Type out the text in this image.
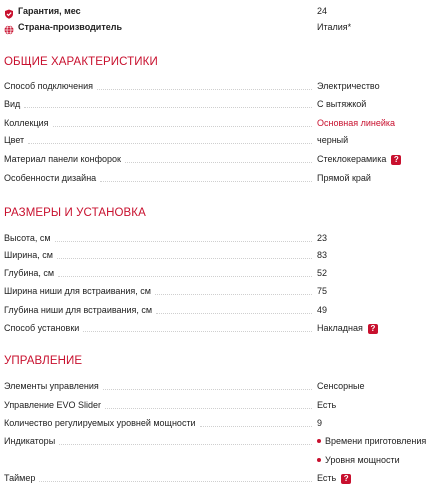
Гарантия, мес	24
Страна-производитель	Италия*
ОБЩИЕ ХАРАКТЕРИСТИКИ
Способ подключения	Электричество
Вид	С вытяжкой
Коллекция	Основная линейка
Цвет	черный
Материал панели конфорок	Стеклокерамика ?
Особенности дизайна	Прямой край
РАЗМЕРЫ И УСТАНОВКА
Высота, см	23
Ширина, см	83
Глубина, см	52
Ширина ниши для встраивания, см	75
Глубина ниши для встраивания, см	49
Способ установки	Накладная ?
УПРАВЛЕНИЕ
Элементы управления	Сенсорные
Управление EVO Slider	Есть
Количество регулируемых уровней мощности	9
Индикаторы	Времени приготовления
Уровня мощности
Таймер	Есть ?
